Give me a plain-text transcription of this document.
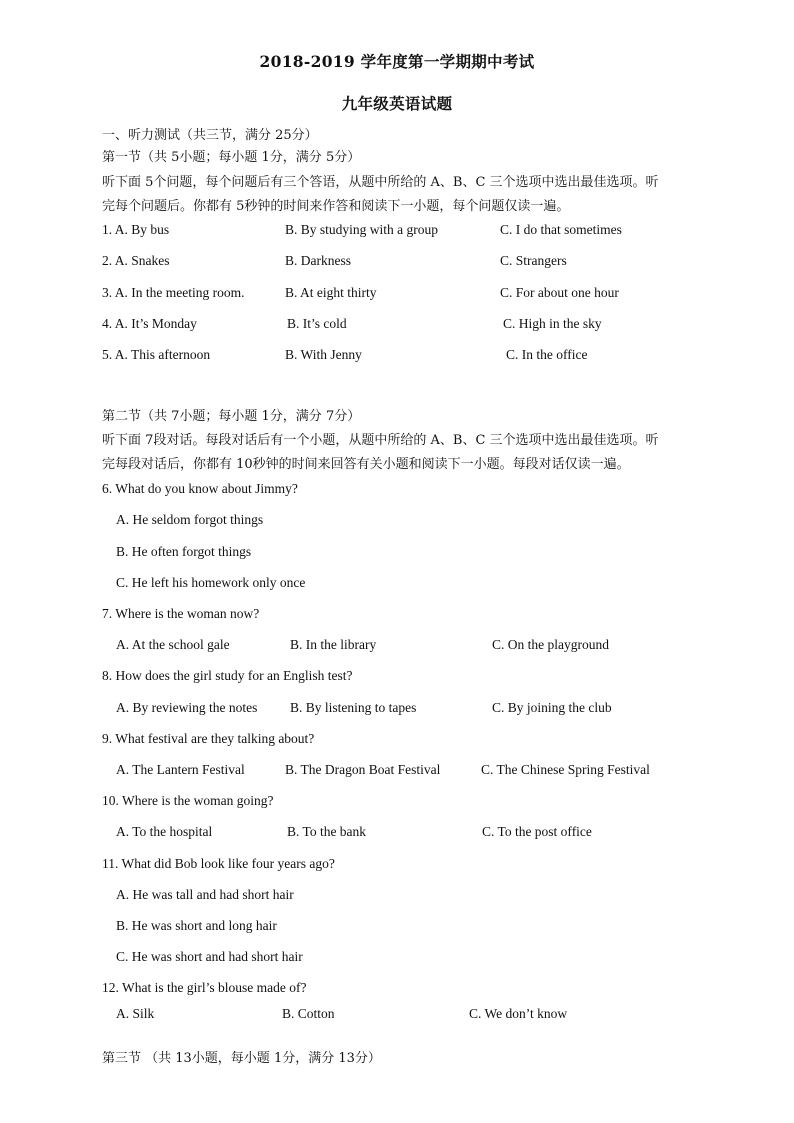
2018-2019 学年度第一学期期中考试
九年级英语试题
一、听力测试（共三节，满分 25分）
第一节（共 5小题；每小题 1分，满分 5分）
听下面 5个问题，每个问题后有三个答语，从题中所给的 A、B、C 三个选项中选出最佳选项。听
完每个问题后。你都有 5秒钟的时间来作答和阅读下一小题，每个问题仅读一遍。
1. A. By bus	B. By studying with a group	C. I do that sometimes
2. A. Snakes	B. Darkness	C. Strangers
3. A. In the meeting room.	B. At eight thirty	C. For about one hour
4. A. It’s Monday	B. It’s cold	C. High in the sky
5. A. This afternoon	B. With Jenny	C. In the office
第二节（共 7小题；每小题 1分，满分 7分）
听下面 7段对话。每段对话后有一个小题，从题中所给的 A、B、C 三个选项中选出最佳选项。听
完每段对话后，你都有 10秒钟的时间来回答有关小题和阅读下一小题。每段对话仅读一遍。
6. What do you know about Jimmy?
A. He seldom forgot things
B. He often forgot things
C. He left his homework only once
7. Where is the woman now?
A. At the school gale	B. In the library	C. On the playground
8. How does the girl study for an English test?
A. By reviewing the notes B. By listening to tapes	C. By joining the club
9. What festival are they talking about?
A. The Lantern Festival	B. The Dragon Boat Festival	C. The Chinese Spring Festival
10. Where is the woman going?
A. To the hospital	B. To the bank	C. To the post office
11. What did Bob look like four years ago?
A. He was tall and had short hair
B. He was short and long hair
C. He was short and had short hair
12. What is the girl’s blouse made of?
A. Silk	B. Cotton	C. We don’t know
第三节 （共 13小题，每小题 1分，满分 13分）
